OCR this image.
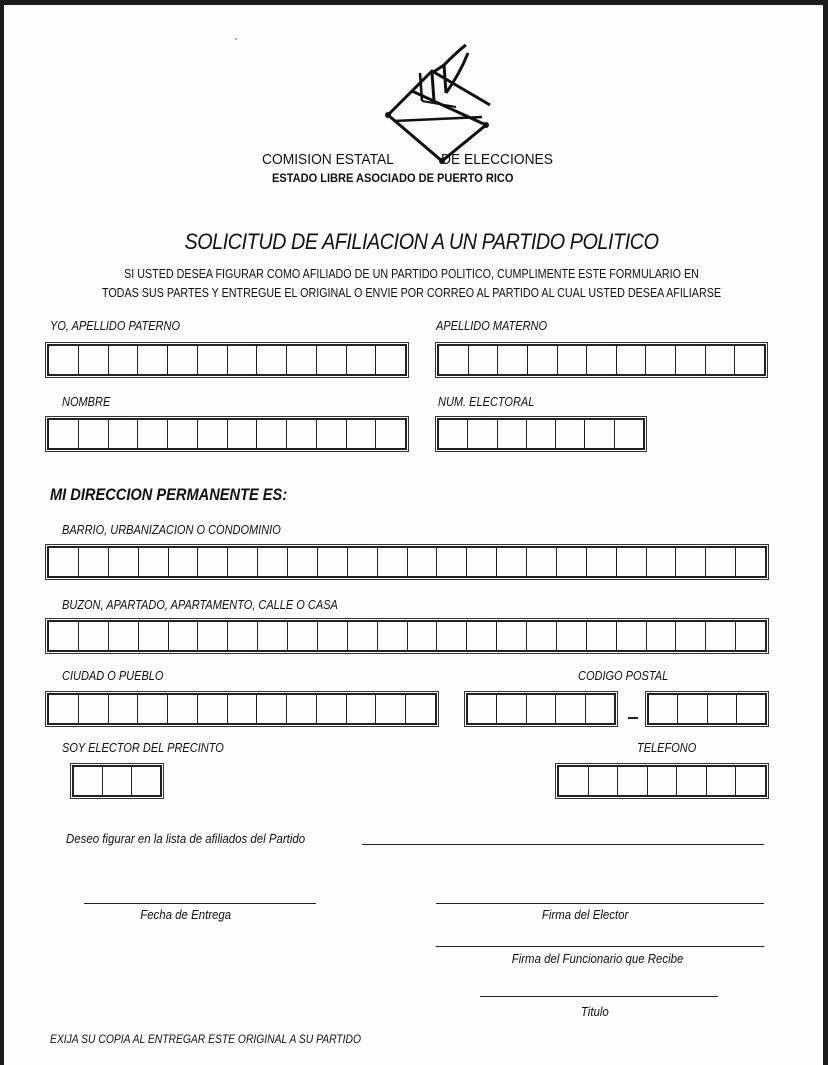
COMISION ESTATAL	DE ELECCIONES
ESTADO LIBRE ASOCIADO DE PUERTO RICO
SOLICITUD DE AFILIACION A UN PARTIDO POLITICO
SI USTED DESEA FIGURAR COMO AFILIADO DE UN PARTIDO POLITICO, CUMPLIMENTE ESTE FORMULARIO EN
TODAS SUS PARTES Y ENTREGUE EL ORIGINAL O ENVIE POR CORREO AL PARTIDO AL CUAL USTED DESEA AFILIARSE
YO, APELLIDO PATERNO	APELLIDO MATERNO
NOMBRE	NUM. ELECTORAL
MI DIRECCION PERMANENTE ES:
BARRIO, URBANIZACION O CONDOMINIO
BUZON, APARTADO, APARTAMENTO, CALLE O CASA
CIUDAD O PUEBLO	CODIGO POSTAL
SOY ELECTOR DEL PRECINTO	TELEFONO
Deseo figurar en la lista de afiliados del Partido
Fecha de Entrega	Firma del Elector
Firma del Funcionario que Recibe
Titulo
EXIJA SU COPIA AL ENTREGAR ESTE ORIGINAL A SU PARTIDO
